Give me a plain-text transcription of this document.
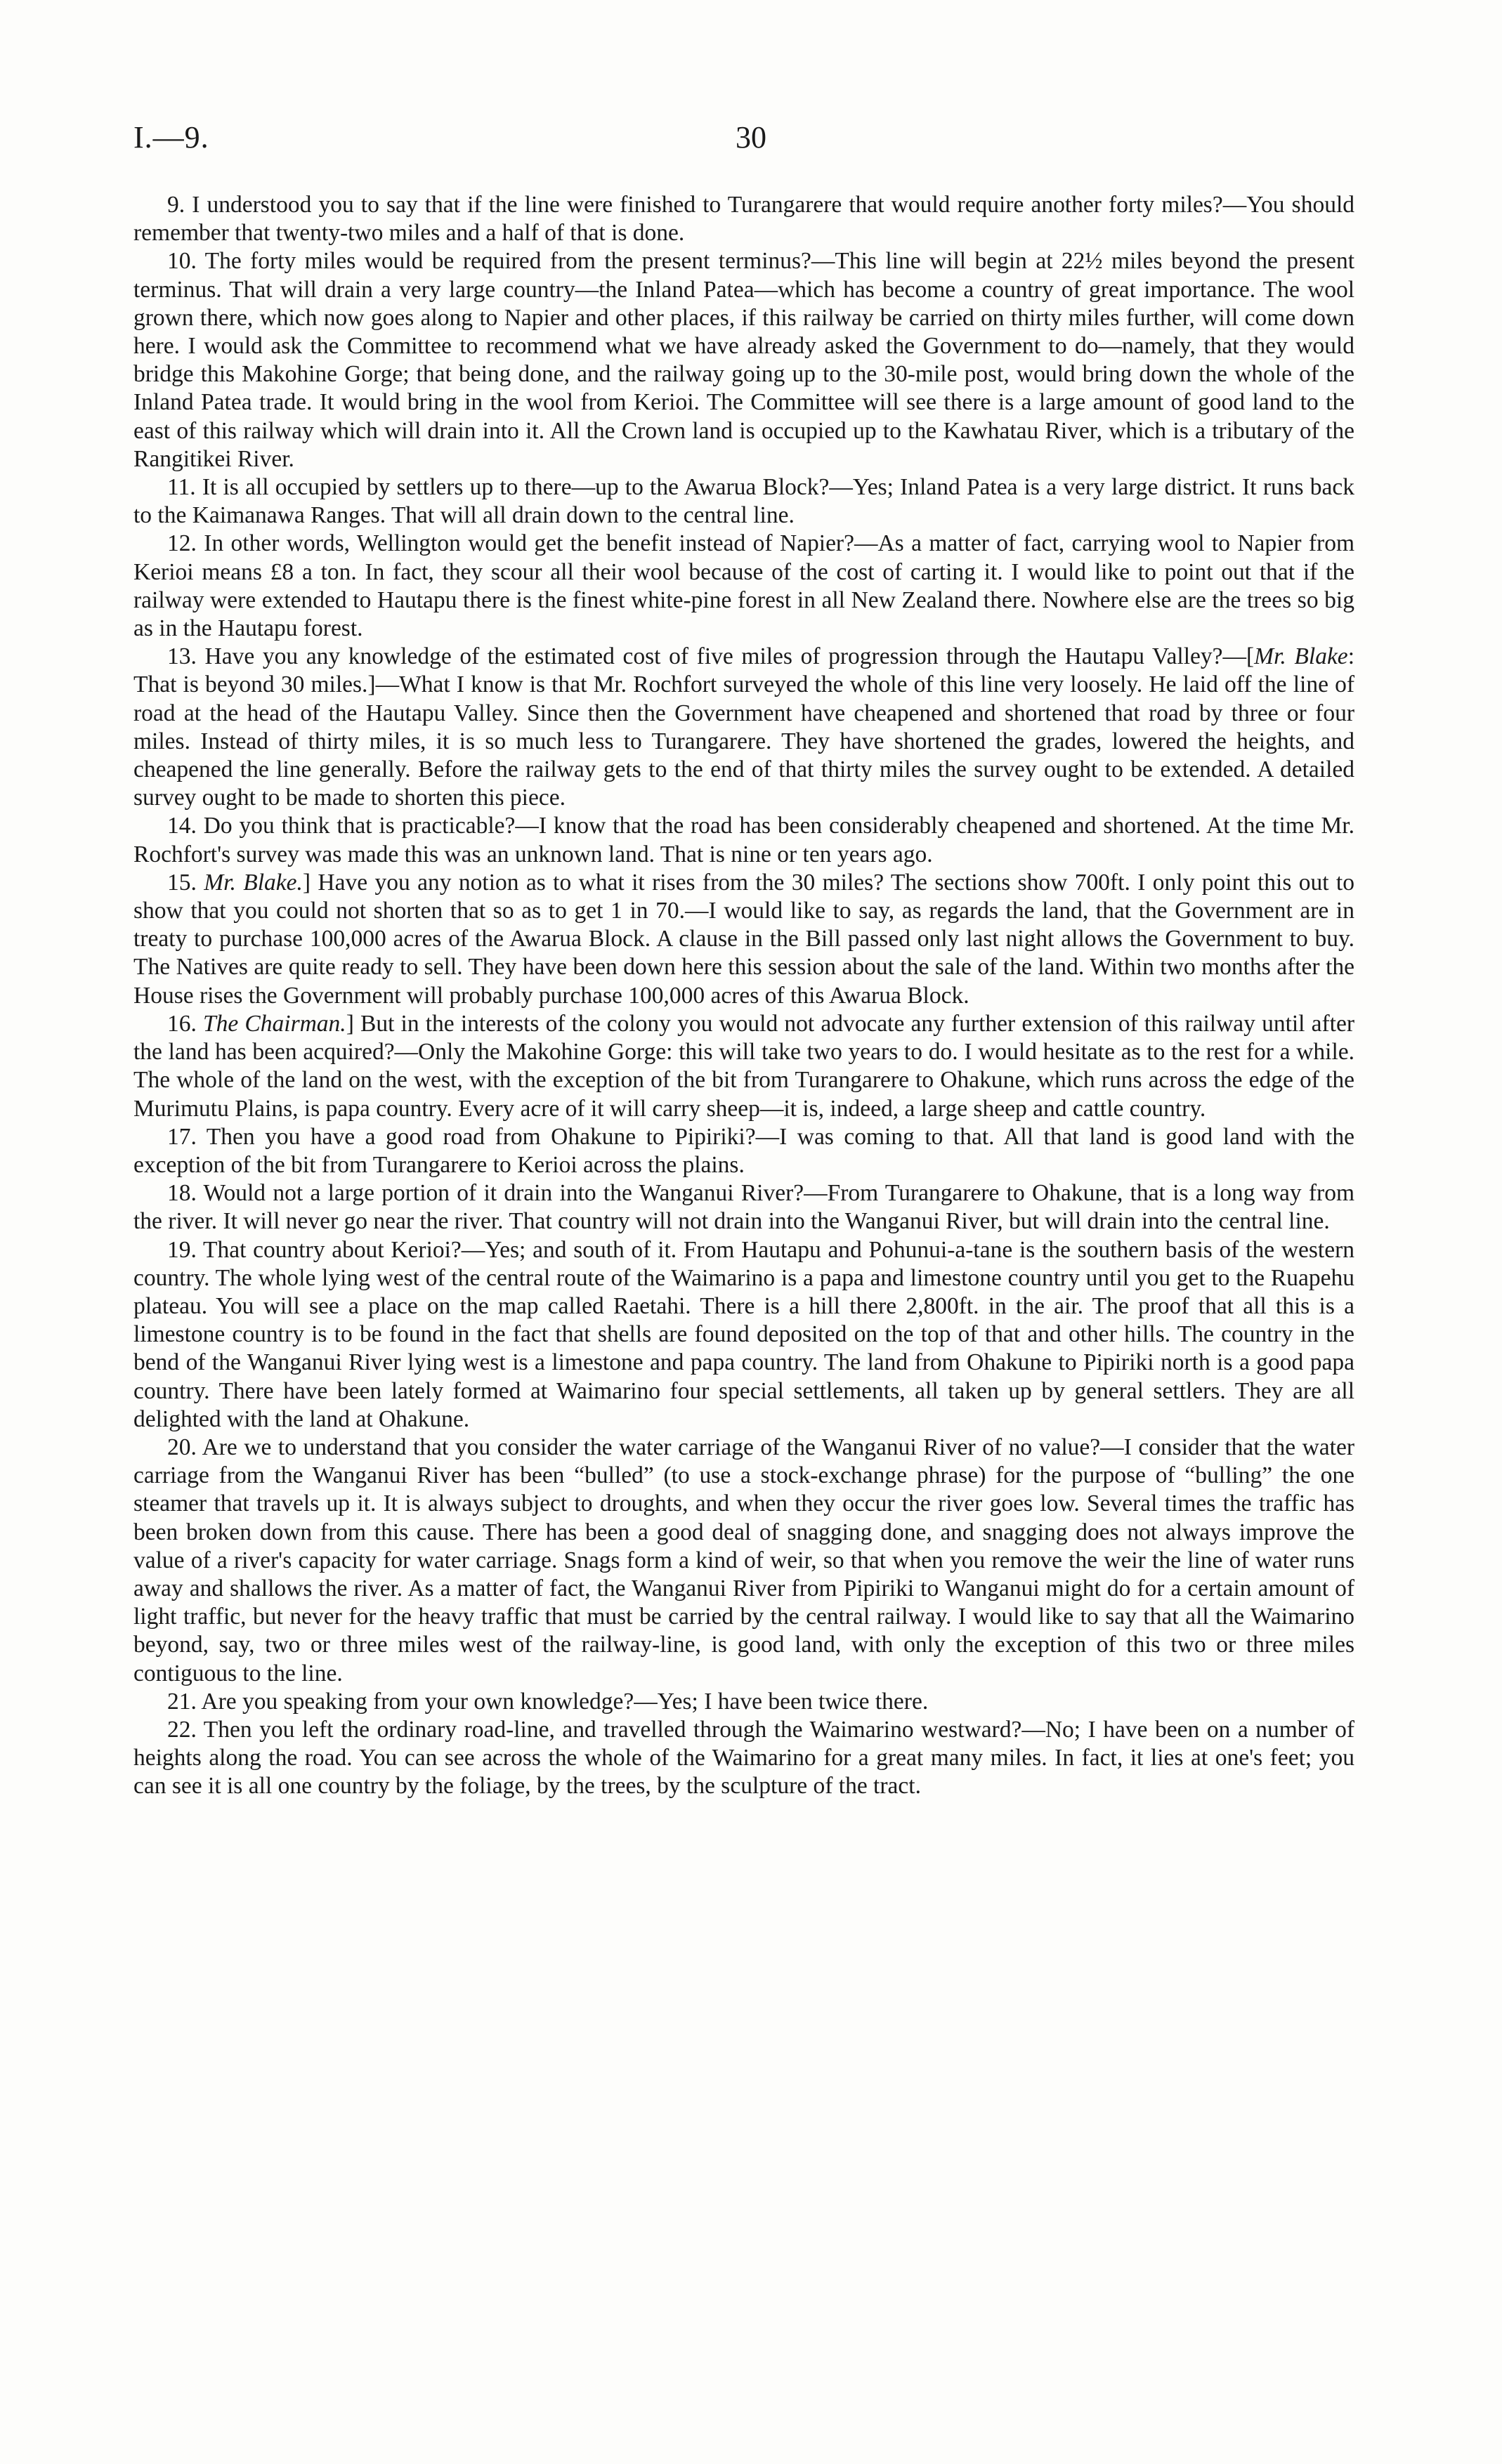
I.—9.	30

9. I understood you to say that if the line were finished to Turangarere that would require another forty miles?—You should remember that twenty-two miles and a half of that is done.

10. The forty miles would be required from the present terminus?—This line will begin at 22½ miles beyond the present terminus. That will drain a very large country—the Inland Patea—which has become a country of great importance. The wool grown there, which now goes along to Napier and other places, if this railway be carried on thirty miles further, will come down here. I would ask the Committee to recommend what we have already asked the Government to do—namely, that they would bridge this Makohine Gorge; that being done, and the railway going up to the 30-mile post, would bring down the whole of the Inland Patea trade. It would bring in the wool from Kerioi. The Committee will see there is a large amount of good land to the east of this railway which will drain into it. All the Crown land is occupied up to the Kawhatau River, which is a tributary of the Rangitikei River.

11. It is all occupied by settlers up to there—up to the Awarua Block?—Yes; Inland Patea is a very large district. It runs back to the Kaimanawa Ranges. That will all drain down to the central line.

12. In other words, Wellington would get the benefit instead of Napier?—As a matter of fact, carrying wool to Napier from Kerioi means £8 a ton. In fact, they scour all their wool because of the cost of carting it. I would like to point out that if the railway were extended to Hautapu there is the finest white-pine forest in all New Zealand there. Nowhere else are the trees so big as in the Hautapu forest.

13. Have you any knowledge of the estimated cost of five miles of progression through the Hautapu Valley?—[Mr. Blake: That is beyond 30 miles.]—What I know is that Mr. Rochfort surveyed the whole of this line very loosely. He laid off the line of road at the head of the Hautapu Valley. Since then the Government have cheapened and shortened that road by three or four miles. Instead of thirty miles, it is so much less to Turangarere. They have shortened the grades, lowered the heights, and cheapened the line generally. Before the railway gets to the end of that thirty miles the survey ought to be extended. A detailed survey ought to be made to shorten this piece.

14. Do you think that is practicable?—I know that the road has been considerably cheapened and shortened. At the time Mr. Rochfort's survey was made this was an unknown land. That is nine or ten years ago.

15. Mr. Blake.] Have you any notion as to what it rises from the 30 miles? The sections show 700ft. I only point this out to show that you could not shorten that so as to get 1 in 70.—I would like to say, as regards the land, that the Government are in treaty to purchase 100,000 acres of the Awarua Block. A clause in the Bill passed only last night allows the Government to buy. The Natives are quite ready to sell. They have been down here this session about the sale of the land. Within two months after the House rises the Government will probably purchase 100,000 acres of this Awarua Block.

16. The Chairman.] But in the interests of the colony you would not advocate any further extension of this railway until after the land has been acquired?—Only the Makohine Gorge: this will take two years to do. I would hesitate as to the rest for a while. The whole of the land on the west, with the exception of the bit from Turangarere to Ohakune, which runs across the edge of the Murimutu Plains, is papa country. Every acre of it will carry sheep—it is, indeed, a large sheep and cattle country.

17. Then you have a good road from Ohakune to Pipiriki?—I was coming to that. All that land is good land with the exception of the bit from Turangarere to Kerioi across the plains.

18. Would not a large portion of it drain into the Wanganui River?—From Turangarere to Ohakune, that is a long way from the river. It will never go near the river. That country will not drain into the Wanganui River, but will drain into the central line.

19. That country about Kerioi?—Yes; and south of it. From Hautapu and Pohunui-a-tane is the southern basis of the western country. The whole lying west of the central route of the Waimarino is a papa and limestone country until you get to the Ruapehu plateau. You will see a place on the map called Raetahi. There is a hill there 2,800ft. in the air. The proof that all this is a limestone country is to be found in the fact that shells are found deposited on the top of that and other hills. The country in the bend of the Wanganui River lying west is a limestone and papa country. The land from Ohakune to Pipiriki north is a good papa country. There have been lately formed at Waimarino four special settlements, all taken up by general settlers. They are all delighted with the land at Ohakune.

20. Are we to understand that you consider the water carriage of the Wanganui River of no value?—I consider that the water carriage from the Wanganui River has been “bulled” (to use a stock-exchange phrase) for the purpose of “bulling” the one steamer that travels up it. It is always subject to droughts, and when they occur the river goes low. Several times the traffic has been broken down from this cause. There has been a good deal of snagging done, and snagging does not always improve the value of a river's capacity for water carriage. Snags form a kind of weir, so that when you remove the weir the line of water runs away and shallows the river. As a matter of fact, the Wanganui River from Pipiriki to Wanganui might do for a certain amount of light traffic, but never for the heavy traffic that must be carried by the central railway. I would like to say that all the Waimarino beyond, say, two or three miles west of the railway-line, is good land, with only the exception of this two or three miles contiguous to the line.

21. Are you speaking from your own knowledge?—Yes; I have been twice there.

22. Then you left the ordinary road-line, and travelled through the Waimarino westward?—No; I have been on a number of heights along the road. You can see across the whole of the Waimarino for a great many miles. In fact, it lies at one's feet; you can see it is all one country by the foliage, by the trees, by the sculpture of the tract.
